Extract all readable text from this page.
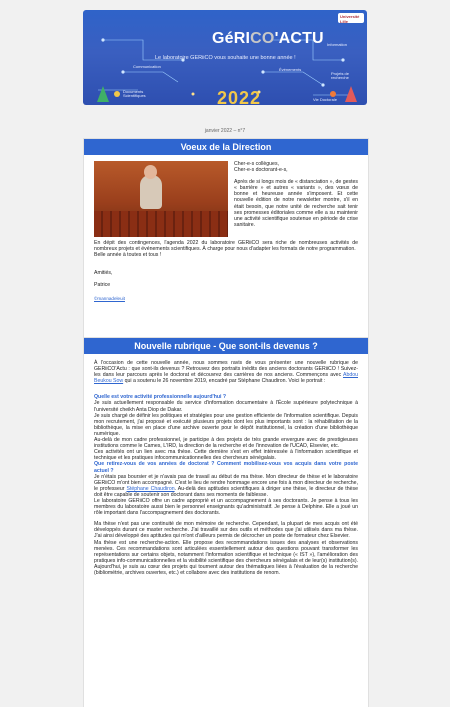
Université Lille
GéRICO'ACTU
Le laboratoire GERiiCO vous souhaite une bonne année !
2022
Communication
Information
Projets de recherche
Documents Scientifiques
Événements
Vie Doctorale
janvier 2022 – n°7
Voeux de la Direction

Cher-e-s collègues,

Cher-e-s doctorant-e-s,

Après de si longs mois de « distanciation », de gestes « barrière » et autres « variants », des vœux de bonne et heureuse année s'imposent. Et cette nouvelle édition de notre newsletter montre, s'il en était besoin, que notre unité de recherche sait tenir ses promesses éditoriales comme elle a su maintenir une activité scientifique soutenue en période de crise sanitaire.

En dépit des contingences, l'agenda 2022 du laboratoire GERiiCO sera riche de nombreuses activités de nombreux projets et événements scientifiques. À charge pour nous d'adapter les formats de notre programmation.

Belle année à toutes et tous !

Amitiés,

Patrice

©mannadeleuit
Nouvelle rubrique - Que sont-ils devenus ?

À l'occasion de cette nouvelle année, nous sommes ravis de vous présenter une nouvelle rubrique de GERiiCO'Actu : que sont-ils devenus ? Retrouvez des portraits inédits des anciens doctorants GERiiCO ! Suivez-les dans leur parcours après le doctorat et découvrez des carrières de nos anciens. Commençons avec Abdou Beukou Sow qui a soutenu le 26 novembre 2019, encadré par Stéphane Chaudiron. Voici le portrait :

Quelle est votre activité professionnelle aujourd'hui ?

Je suis actuellement responsable du service d'information documentaire à l'École supérieure polytechnique à l'université cheikh Anta Diop de Dakar.

Je suis chargé de définir les politiques et stratégies pour une gestion efficiente de l'information scientifique. Depuis mon recrutement, j'ai proposé et exécuté plusieurs projets dont les plus importants sont : la réhabilitation de la bibliothèque, la mise en place d'une archive ouverte pour le dépôt institutionnel, la création d'une bibliothèque numérique.

Au-delà de mon cadre professionnel, je participe à des projets de très grande envergure avec de prestigieuses institutions comme le Cames, L'IRD, la direction de la recherche et de l'innovation de l'UCAD, Elsevier, etc.

Ces activités ont un lien avec ma thèse. Cette dernière s'est en effet intéressée à l'information scientifique et technique et les pratiques infocommunicationnelles des chercheurs sénégalais.

Que retirez-vous de vos années de doctorat ? Comment mobilisez-vous vos acquis dans votre poste actuel ?

Je n'étais pas boursier et je n'avais pas de travail au début de ma thèse. Mon directeur de thèse et le laboratoire GERiiCO m'ont bien accompagné. C'est le lieu de rendre hommage encore une fois à mon directeur de recherche, le professeur Stéphane Chaudiron. Au-delà des aptitudes scientifiques à diriger une thèse, le directeur de thèse doit être capable de soutenir son doctorant dans ses moments de faiblesse.

Le laboratoire GERiiCO offre un cadre approprié et un accompagnement à ses doctorants. Je pense à tous les membres du laboratoire aussi bien le personnel enseignants qu'administratif. Je pense à Delphine. Elle a joué un rôle important dans l'accompagnement des doctorants.

Ma thèse n'est pas une continuité de mon mémoire de recherche. Cependant, la plupart de mes acquis ont été développés durant ce master recherche. J'ai travaillé sur des outils et méthodes que j'ai utilisés dans ma thèse. J'ai ainsi développé des aptitudes qui m'ont d'ailleurs permis de décrocher un poste de formateur chez Elsevier.

Ma thèse est une recherche-action. Elle propose des recommandations issues des analyses et observations menées. Ces recommandations sont articulées essentiellement autour des questions pouvant transformer les représentations sur certains objets, notamment l'information scientifique et technique (« IST »), l'amélioration des pratiques info-communicationnelles et la visibilité scientifique des chercheurs sénégalais et de leur(s) institution(s). Aujourd'hui, je suis au cœur des projets qui tournent autour des thématiques liées à l'évaluation de la recherche (bibliométrie, archives ouvertes, etc.) et collabore avec des institutions de renom.
